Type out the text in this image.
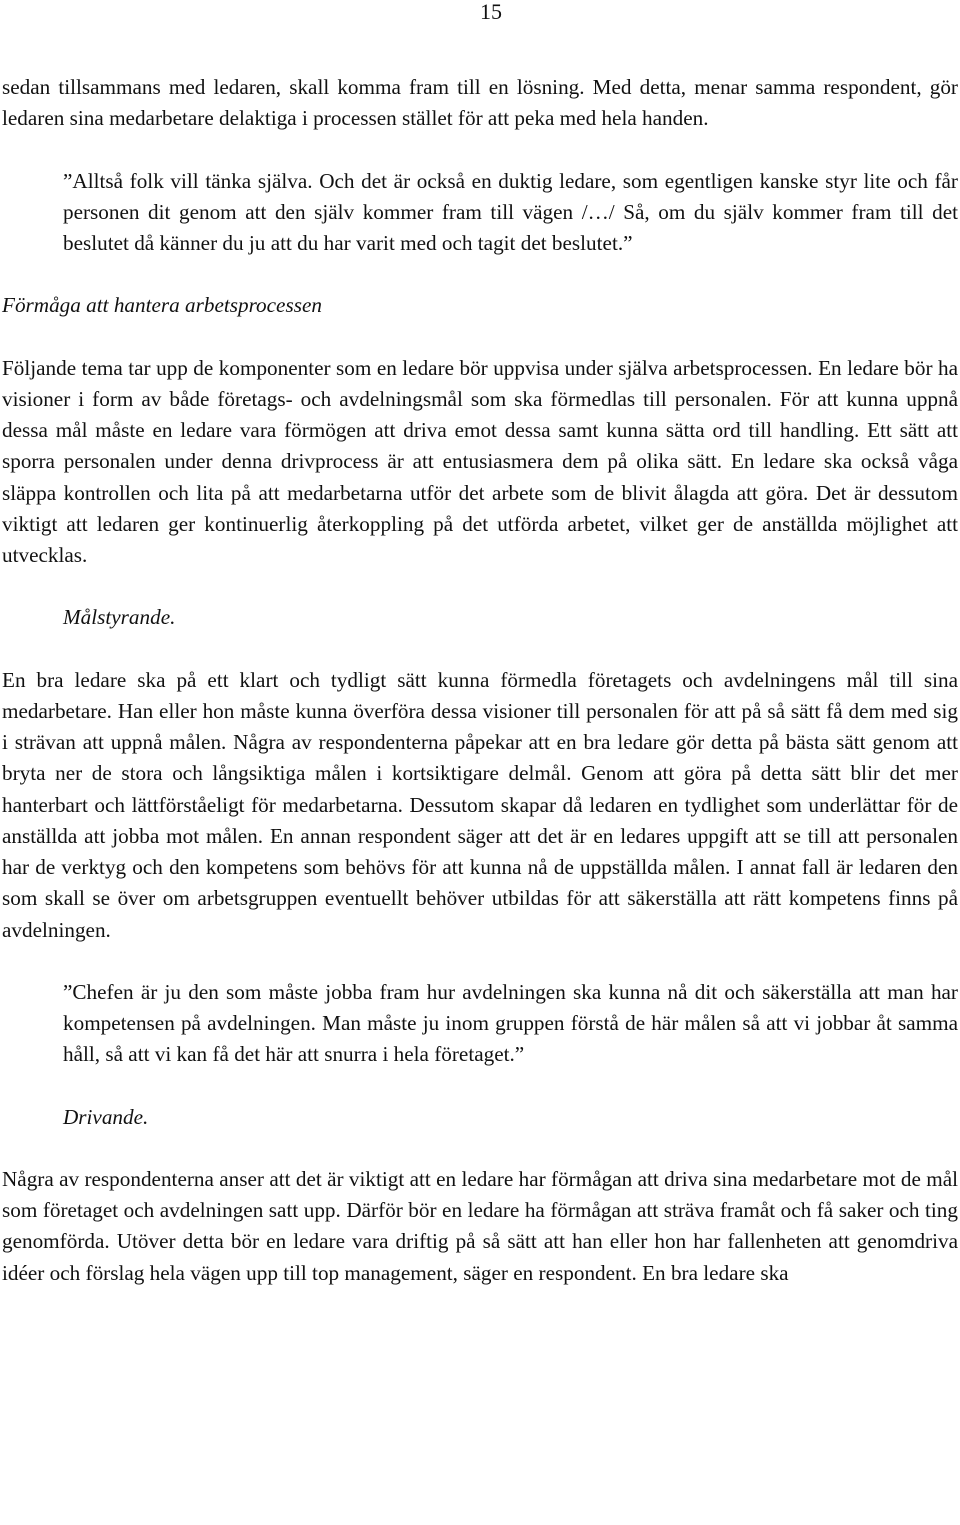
15

sedan tillsammans med ledaren, skall komma fram till en lösning. Med detta, menar samma respondent, gör ledaren sina medarbetare delaktiga i processen stället för att peka med hela handen.

”Alltså folk vill tänka själva. Och det är också en duktig ledare, som egentligen kanske styr lite och får personen dit genom att den själv kommer fram till vägen /…/ Så, om du själv kommer fram till det beslutet då känner du ju att du har varit med och tagit det beslutet.”

Förmåga att hantera arbetsprocessen

Följande tema tar upp de komponenter som en ledare bör uppvisa under själva arbetsprocessen. En ledare bör ha visioner i form av både företags- och avdelningsmål som ska förmedlas till personalen. För att kunna uppnå dessa mål måste en ledare vara förmögen att driva emot dessa samt kunna sätta ord till handling. Ett sätt att sporra personalen under denna drivprocess är att entusiasmera dem på olika sätt. En ledare ska också våga släppa kontrollen och lita på att medarbetarna utför det arbete som de blivit ålagda att göra. Det är dessutom viktigt att ledaren ger kontinuerlig återkoppling på det utförda arbetet, vilket ger de anställda möjlighet att utvecklas.

Målstyrande.

En bra ledare ska på ett klart och tydligt sätt kunna förmedla företagets och avdelningens mål till sina medarbetare. Han eller hon måste kunna överföra dessa visioner till personalen för att på så sätt få dem med sig i strävan att uppnå målen. Några av respondenterna påpekar att en bra ledare gör detta på bästa sätt genom att bryta ner de stora och långsiktiga målen i kortsiktigare delmål. Genom att göra på detta sätt blir det mer hanterbart och lättförståeligt för medarbetarna. Dessutom skapar då ledaren en tydlighet som underlättar för de anställda att jobba mot målen. En annan respondent säger att det är en ledares uppgift att se till att personalen har de verktyg och den kompetens som behövs för att kunna nå de uppställda målen. I annat fall är ledaren den som skall se över om arbetsgruppen eventuellt behöver utbildas för att säkerställa att rätt kompetens finns på avdelningen.

”Chefen är ju den som måste jobba fram hur avdelningen ska kunna nå dit och säkerställa att man har kompetensen på avdelningen. Man måste ju inom gruppen förstå de här målen så att vi jobbar åt samma håll, så att vi kan få det här att snurra i hela företaget.”

Drivande.

Några av respondenterna anser att det är viktigt att en ledare har förmågan att driva sina medarbetare mot de mål som företaget och avdelningen satt upp. Därför bör en ledare ha förmågan att sträva framåt och få saker och ting genomförda. Utöver detta bör en ledare vara driftig på så sätt att han eller hon har fallenheten att genomdriva idéer och förslag hela vägen upp till top management, säger en respondent. En bra ledare ska
